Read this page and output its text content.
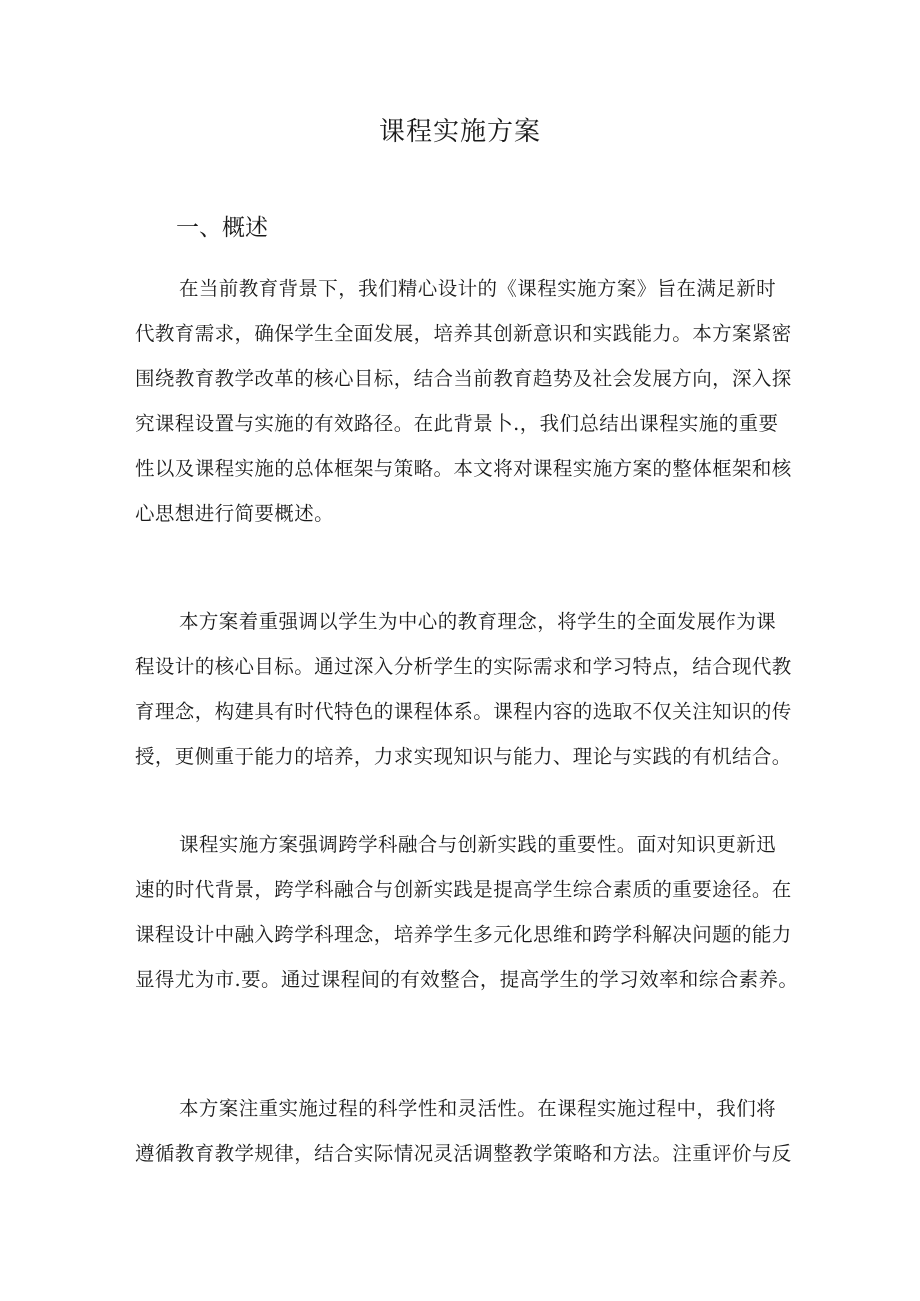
课程实施方案
一、概述
在当前教育背景下，我们精心设计的《课程实施方案》旨在满足新时
代教育需求，确保学生全面发展，培养其创新意识和实践能力。本方案紧密
围绕教育教学改革的核心目标，结合当前教育趋势及社会发展方向，深入探
究课程设置与实施的有效路径。在此背景卜.，我们总结出课程实施的重要
性以及课程实施的总体框架与策略。本文将对课程实施方案的整体框架和核
心思想进行简要概述。
本方案着重强调以学生为中心的教育理念，将学生的全面发展作为课
程设计的核心目标。通过深入分析学生的实际需求和学习特点，结合现代教
育理念，构建具有时代特色的课程体系。课程内容的选取不仅关注知识的传
授，更侧重于能力的培养，力求实现知识与能力、理论与实践的有机结合。
课程实施方案强调跨学科融合与创新实践的重要性。面对知识更新迅
速的时代背景，跨学科融合与创新实践是提高学生综合素质的重要途径。在
课程设计中融入跨学科理念，培养学生多元化思维和跨学科解决问题的能力
显得尤为市.要。通过课程间的有效整合，提高学生的学习效率和综合素养。
本方案注重实施过程的科学性和灵活性。在课程实施过程中，我们将
遵循教育教学规律，结合实际情况灵活调整教学策略和方法。注重评价与反
